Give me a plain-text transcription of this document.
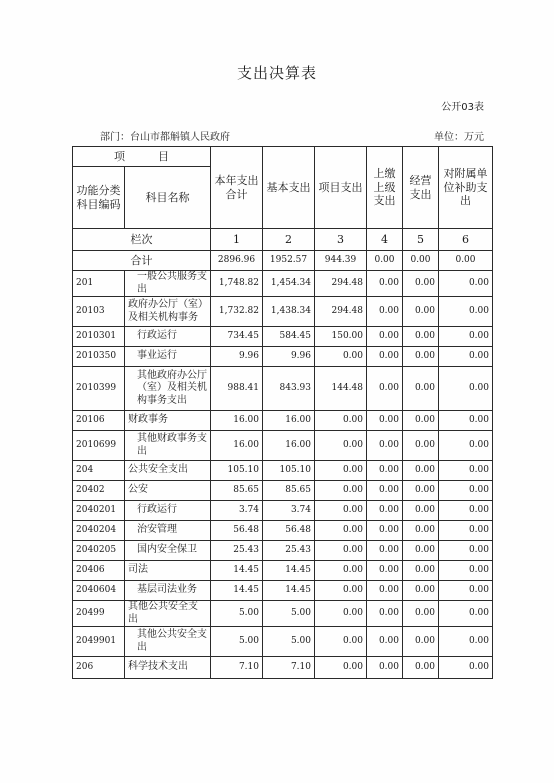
支出决算表
公开03表
部门：台山市都斛镇人民政府	单位：万元
项　　　目		本年支出合计	基本支出	项目支出	上缴上级支出	经营支出	对附属单位补助支出
功能分类科目编码	科目名称						
栏次		1	2	3	4	5	6
合计		2896.96	1952.57	944.39	0.00	0.00	0.00
201	一般公共服务支出	1,748.82	1,454.34	294.48	0.00	0.00	0.00
20103	政府办公厅（室）及相关机构事务	1,732.82	1,438.34	294.48	0.00	0.00	0.00
2010301	行政运行	734.45	584.45	150.00	0.00	0.00	0.00
2010350	事业运行	9.96	9.96	0.00	0.00	0.00	0.00
2010399	其他政府办公厅（室）及相关机构事务支出	988.41	843.93	144.48	0.00	0.00	0.00
20106	财政事务	16.00	16.00	0.00	0.00	0.00	0.00
2010699	其他财政事务支出	16.00	16.00	0.00	0.00	0.00	0.00
204	公共安全支出	105.10	105.10	0.00	0.00	0.00	0.00
20402	公安	85.65	85.65	0.00	0.00	0.00	0.00
2040201	行政运行	3.74	3.74	0.00	0.00	0.00	0.00
2040204	治安管理	56.48	56.48	0.00	0.00	0.00	0.00
2040205	国内安全保卫	25.43	25.43	0.00	0.00	0.00	0.00
20406	司法	14.45	14.45	0.00	0.00	0.00	0.00
2040604	基层司法业务	14.45	14.45	0.00	0.00	0.00	0.00
20499	其他公共安全支出	5.00	5.00	0.00	0.00	0.00	0.00
2049901	其他公共安全支出	5.00	5.00	0.00	0.00	0.00	0.00
206	科学技术支出	7.10	7.10	0.00	0.00	0.00	0.00
